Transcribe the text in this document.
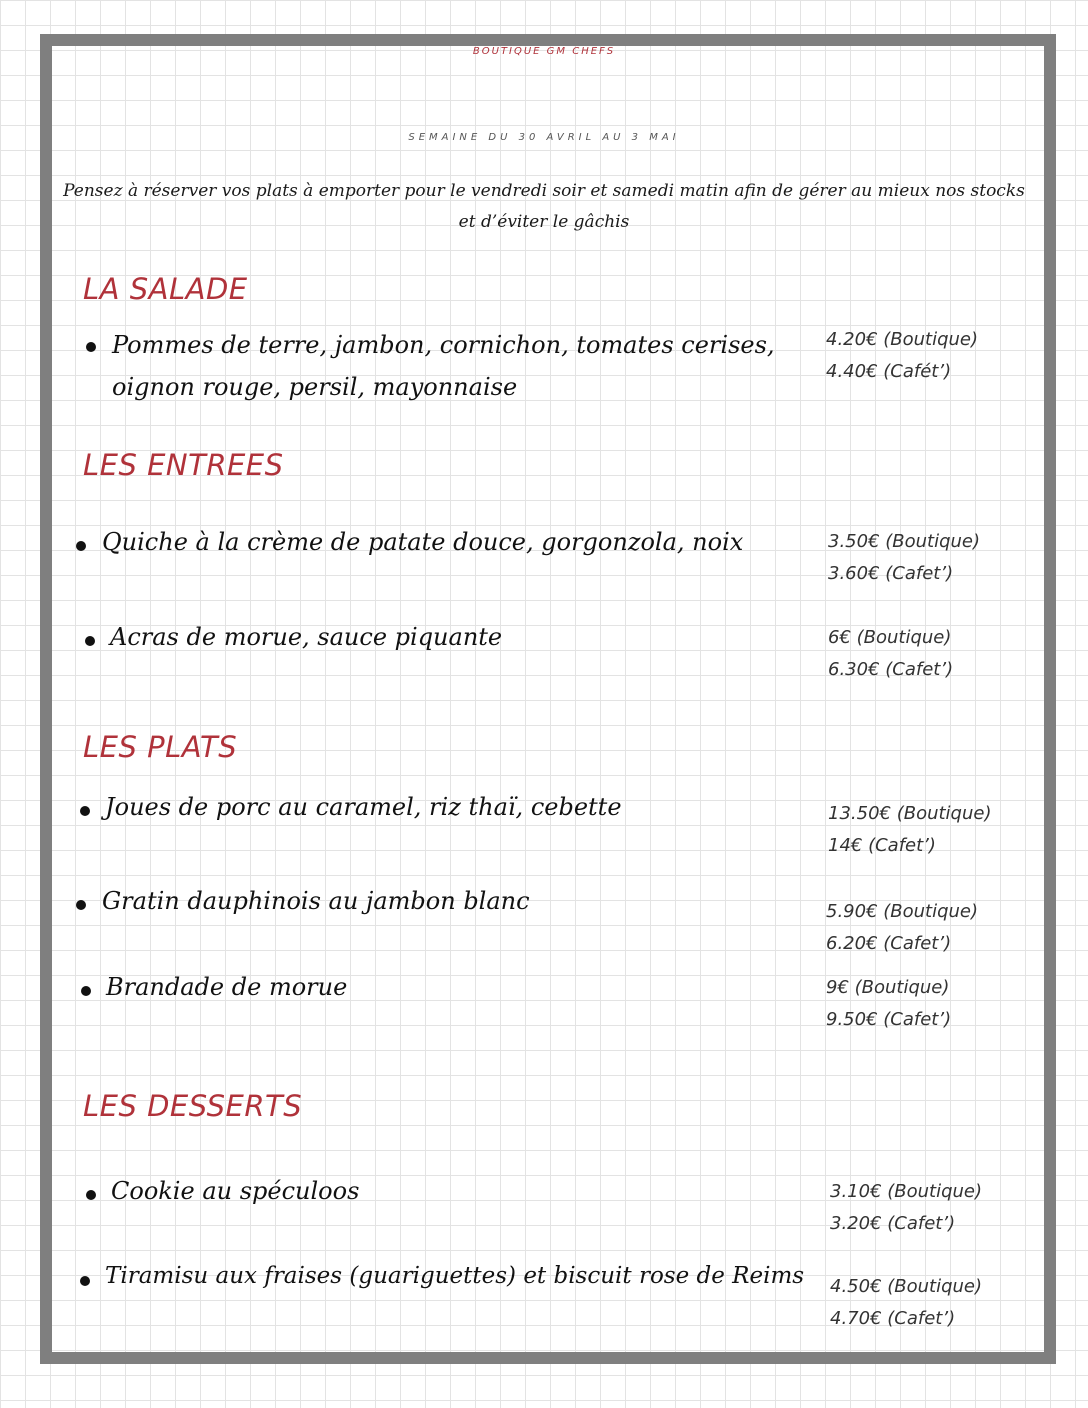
BOUTIQUE GM CHEFS
SEMAINE DU 30 AVRIL AU 3 MAI
Pensez à réserver vos plats à emporter pour le vendredi soir et samedi matin afin de gérer au mieux nos stocks et d’éviter le gâchis
LA SALADE
Pommes de terre, jambon, cornichon, tomates cerises, oignon rouge, persil, mayonnaise
4.20€ (Boutique)
4.40€ (Cafét’)
LES ENTREES
Quiche à la crème de patate douce, gorgonzola, noix	3.50€ (Boutique)
3.60€ (Cafet’)
Acras de morue, sauce piquante	6€ (Boutique)
6.30€ (Cafet’)
LES PLATS
Joues de porc au caramel, riz thaï, cebette	13.50€ (Boutique)
14€ (Cafet’)
Gratin dauphinois au jambon blanc	5.90€ (Boutique)
6.20€ (Cafet’)
Brandade de morue	9€ (Boutique)
9.50€ (Cafet’)
LES DESSERTS
Cookie au spéculoos	3.10€ (Boutique)
3.20€ (Cafet’)
Tiramisu aux fraises (guariguettes) et biscuit rose de Reims 4.50€ (Boutique)
4.70€ (Cafet’)
